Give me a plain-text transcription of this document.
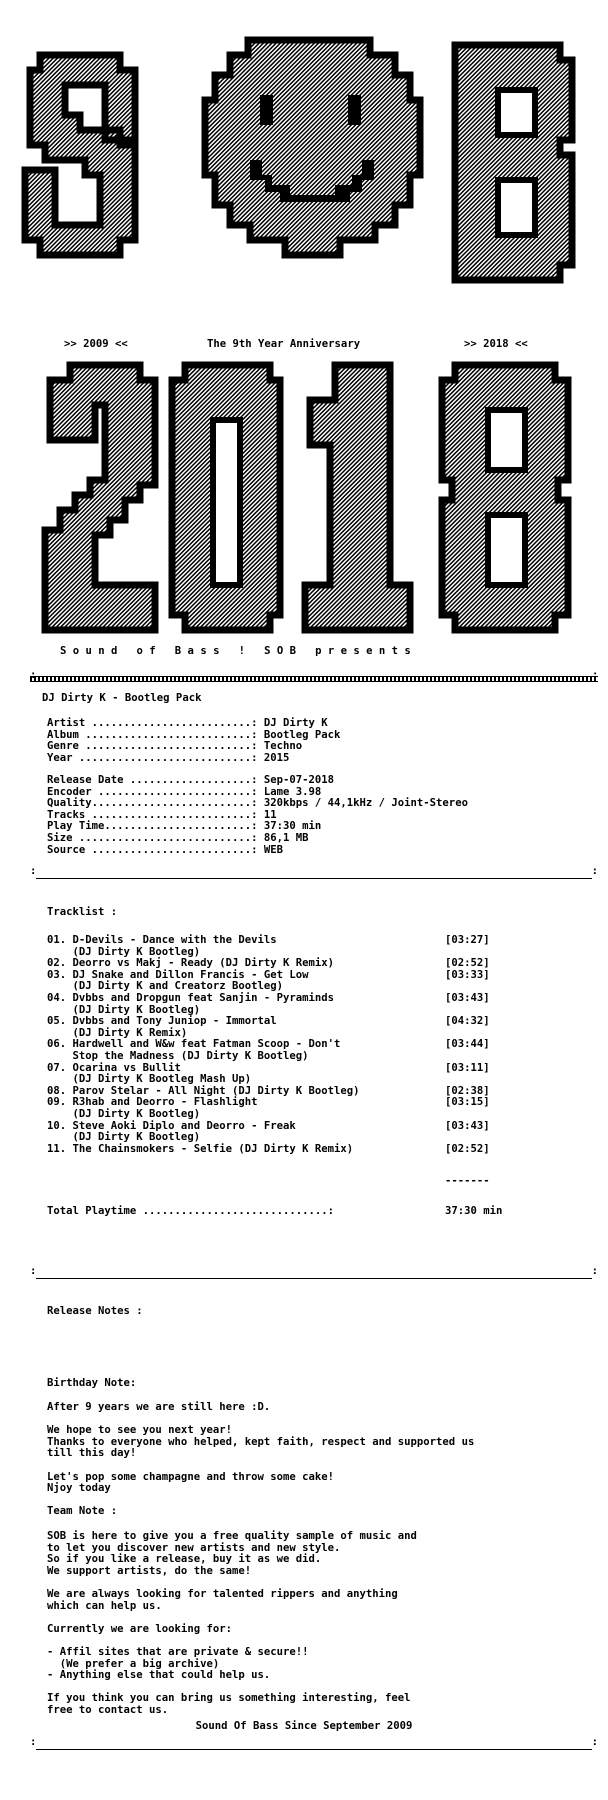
>> 2009 <<

	The 9th Year Anniversary

	>> 2018 <<

S o u n d   o f   B a s s   !   S O B   p r e s e n t s
:	:
DJ Dirty K - Bootleg Pack
Artist .........................: DJ Dirty K
Album ..........................: Bootleg Pack
Genre ..........................: Techno
Year ...........................: 2015
Release Date ...................: Sep-07-2018
Encoder ........................: Lame 3.98
Quality.........................: 320kbps / 44,1kHz / Joint-Stereo
Tracks .........................: 11
Play Time.......................: 37:30 min
Size ...........................: 86,1 MB
Source .........................: WEB

:	:

Tracklist :
01. D-Devils - Dance with the Devils	[03:27]
(DJ Dirty K Bootleg)
02. Deorro vs Makj - Ready (DJ Dirty K Remix)	[02:52]
03. DJ Snake and Dillon Francis - Get Low	[03:33]
(DJ Dirty K and Creatorz Bootleg)
04. Dvbbs and Dropgun feat Sanjin - Pyraminds	[03:43]
(DJ Dirty K Bootleg)
05. Dvbbs and Tony Juniop - Immortal	[04:32]
(DJ Dirty K Remix)
06. Hardwell and W&w feat Fatman Scoop - Don't	[03:44]
Stop the Madness (DJ Dirty K Bootleg)
07. Ocarina vs Bullit	[03:11]
(DJ Dirty K Bootleg Mash Up)
08. Parov Stelar - All Night (DJ Dirty K Bootleg)	[02:38]
09. R3hab and Deorro - Flashlight	[03:15]
(DJ Dirty K Bootleg)
10. Steve Aoki Diplo and Deorro - Freak	[03:43]
(DJ Dirty K Bootleg)
11. The Chainsmokers - Selfie (DJ Dirty K Remix)	[02:52]
-------
Total Playtime .............................:	37:30 min

:	:

Release Notes :
Birthday Note:
After 9 years we are still here :D.

We hope to see you next year!
Thanks to everyone who helped, kept faith, respect and supported us
till this day!

Let's pop some champagne and throw some cake!
Njoy today
Team Note :
SOB is here to give you a free quality sample of music and
to let you discover new artists and new style.
So if you like a release, buy it as we did.
We support artists, do the same!

We are always looking for talented rippers and anything
which can help us.

Currently we are looking for:

- Affil sites that are private & secure!!
(We prefer a big archive)
- Anything else that could help us.

If you think you can bring us something interesting, feel
free to contact us.
Sound Of Bass Since September 2009

:	:
